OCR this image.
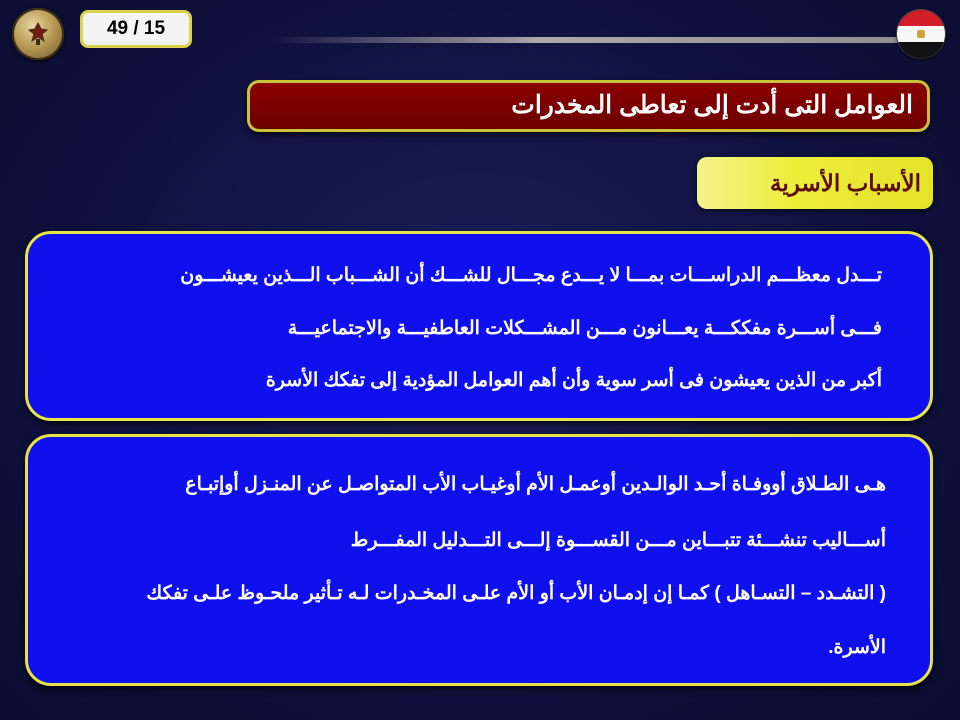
49 / 15
العوامل التى أدت إلى تعاطى المخدرات
الأسباب الأسرية
تـــدل معظـــم الدراســـات بمـــا لا يـــدع مجـــال للشـــك أن الشـــباب الـــذين يعيشـــون
فـــى أســـرة مفككـــة يعـــانون مـــن المشـــكلات العاطفيـــة والاجتماعيـــة
أكبر من الذين يعيشون فى أسر سوية وأن أهم العوامل المؤدية إلى تفكك الأسرة
هـى الطـلاق أووفـاة أحـد الوالـدين أوعمـل الأم أوغيـاب الأب المتواصـل عن المنـزل أوإتبـاع
أســـاليب تنشـــئة تتبـــاين مـــن القســـوة إلـــى التـــدليل المفـــرط
( التشـدد – التسـاهل ) كمـا إن إدمـان الأب أو الأم علـى المخـدرات لـه تـأثير ملحـوظ علـى تفكك
الأسرة.
